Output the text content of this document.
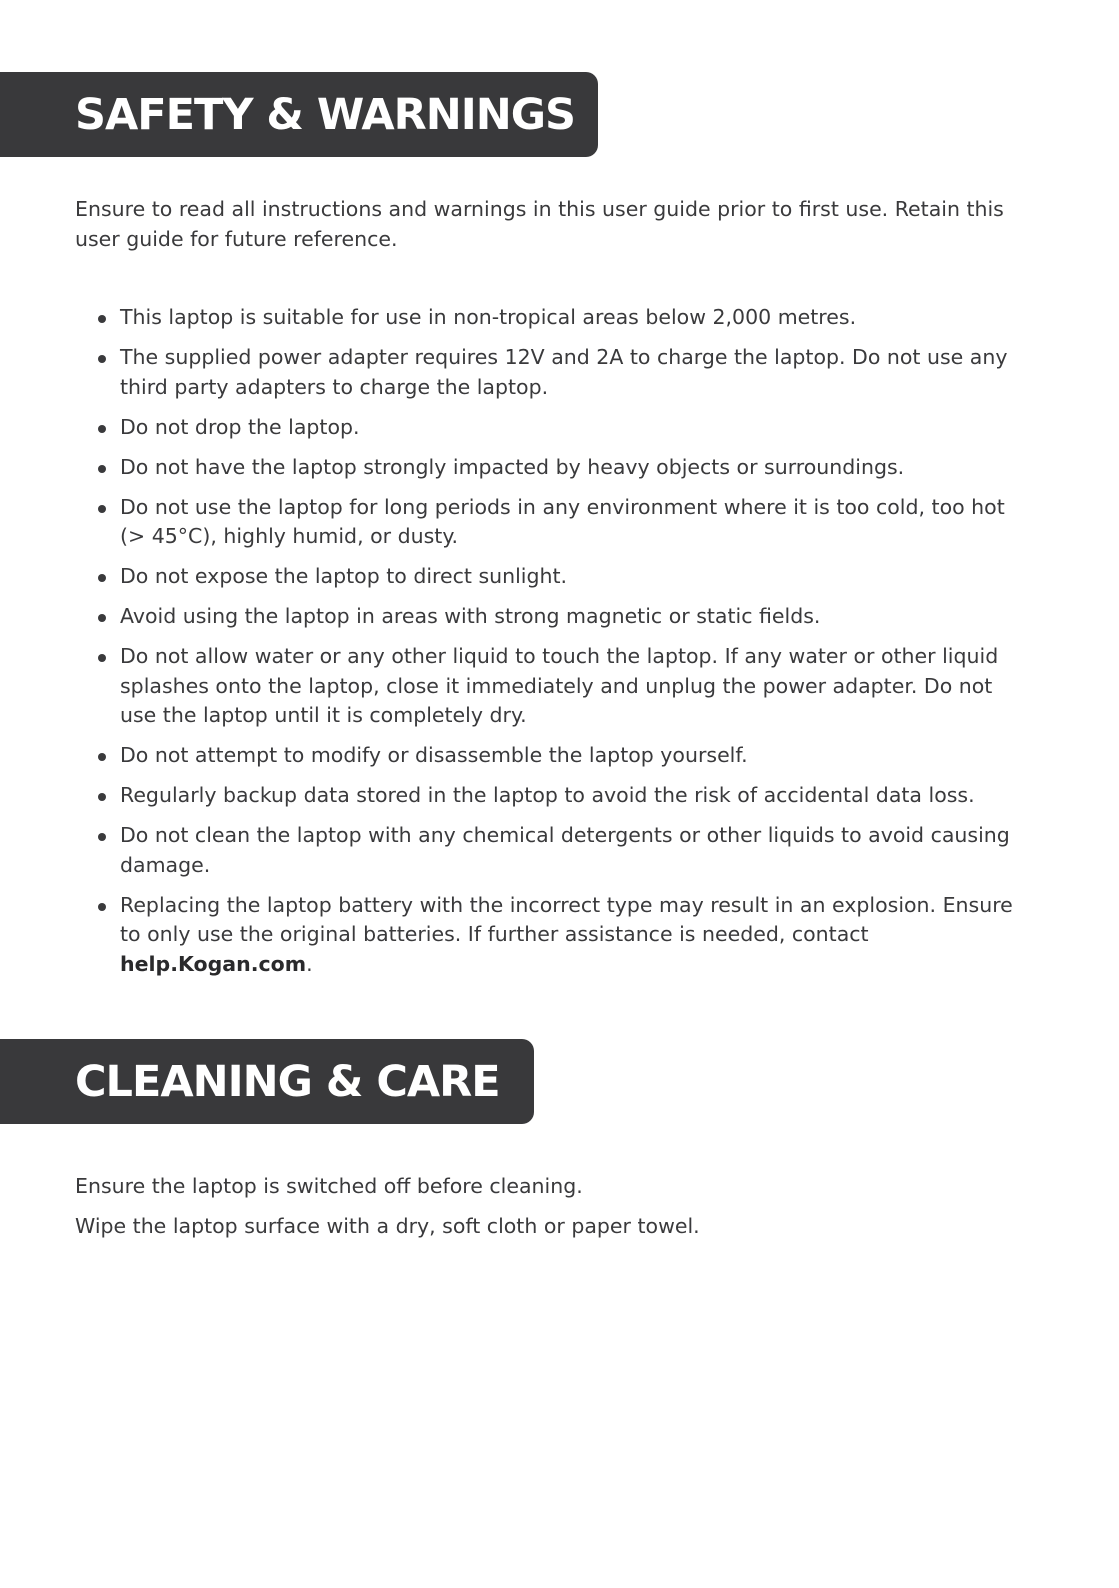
SAFETY & WARNINGS

Ensure to read all instructions and warnings in this user guide prior to first use. Retain this user guide for future reference.

This laptop is suitable for use in non-tropical areas below 2,000 metres.
The supplied power adapter requires 12V and 2A to charge the laptop. Do not use any third party adapters to charge the laptop.
Do not drop the laptop.
Do not have the laptop strongly impacted by heavy objects or surroundings.
Do not use the laptop for long periods in any environment where it is too cold, too hot (> 45°C), highly humid, or dusty.
Do not expose the laptop to direct sunlight.
Avoid using the laptop in areas with strong magnetic or static fields.
Do not allow water or any other liquid to touch the laptop. If any water or other liquid splashes onto the laptop, close it immediately and unplug the power adapter. Do not use the laptop until it is completely dry.
Do not attempt to modify or disassemble the laptop yourself.
Regularly backup data stored in the laptop to avoid the risk of accidental data loss.
Do not clean the laptop with any chemical detergents or other liquids to avoid causing damage.
Replacing the laptop battery with the incorrect type may result in an explosion. Ensure to only use the original batteries. If further assistance is needed, contact help.Kogan.com.
CLEANING & CARE

Ensure the laptop is switched off before cleaning.

Wipe the laptop surface with a dry, soft cloth or paper towel.
